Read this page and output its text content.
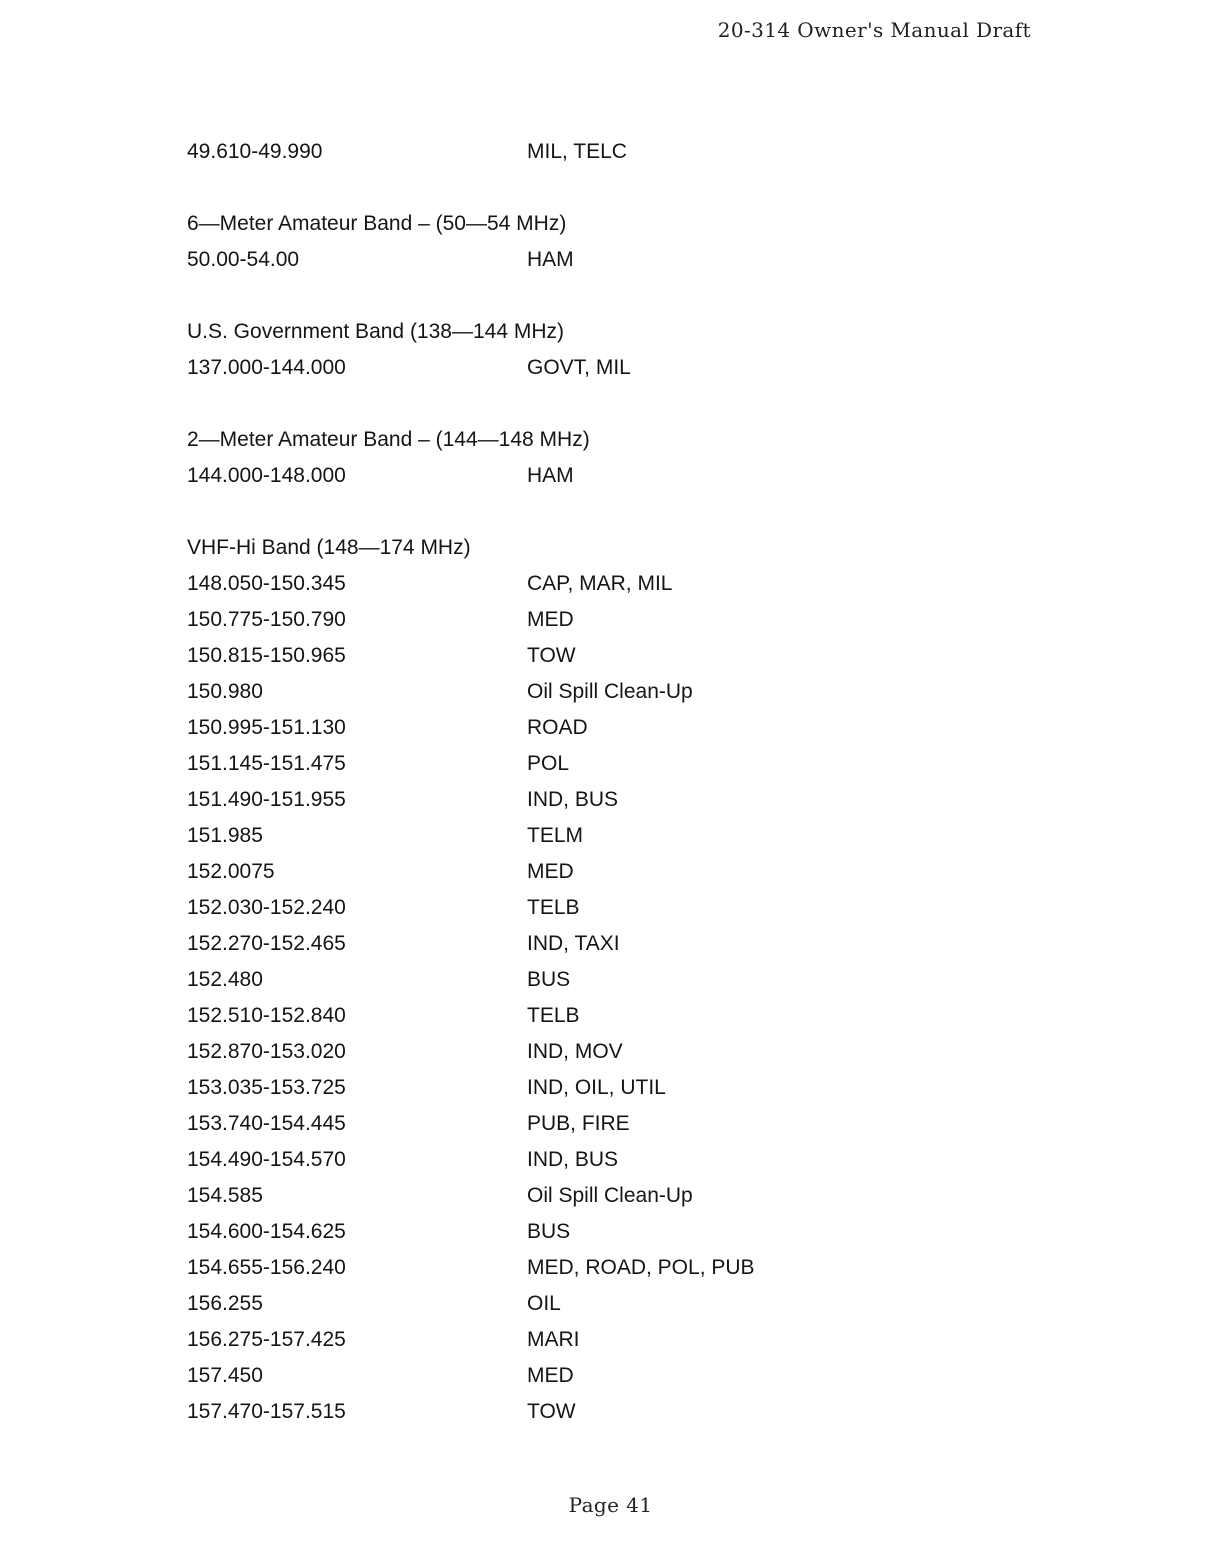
20-314 Owner's Manual Draft
49.610-49.990	MIL, TELC
6—Meter Amateur Band – (50—54 MHz)
50.00-54.00	HAM
U.S. Government Band (138—144 MHz)
137.000-144.000	GOVT, MIL
2—Meter Amateur Band – (144—148 MHz)
144.000-148.000	HAM
VHF-Hi Band (148—174 MHz)
148.050-150.345	CAP, MAR, MIL
150.775-150.790	MED
150.815-150.965	TOW
150.980	Oil Spill Clean-Up
150.995-151.130	ROAD
151.145-151.475	POL
151.490-151.955	IND, BUS
151.985	TELM
152.0075	MED
152.030-152.240	TELB
152.270-152.465	IND, TAXI
152.480	BUS
152.510-152.840	TELB
152.870-153.020	IND, MOV
153.035-153.725	IND, OIL, UTIL
153.740-154.445	PUB, FIRE
154.490-154.570	IND, BUS
154.585	Oil Spill Clean-Up
154.600-154.625	BUS
154.655-156.240	MED, ROAD, POL, PUB
156.255	OIL
156.275-157.425	MARI
157.450	MED
157.470-157.515	TOW
Page 41
